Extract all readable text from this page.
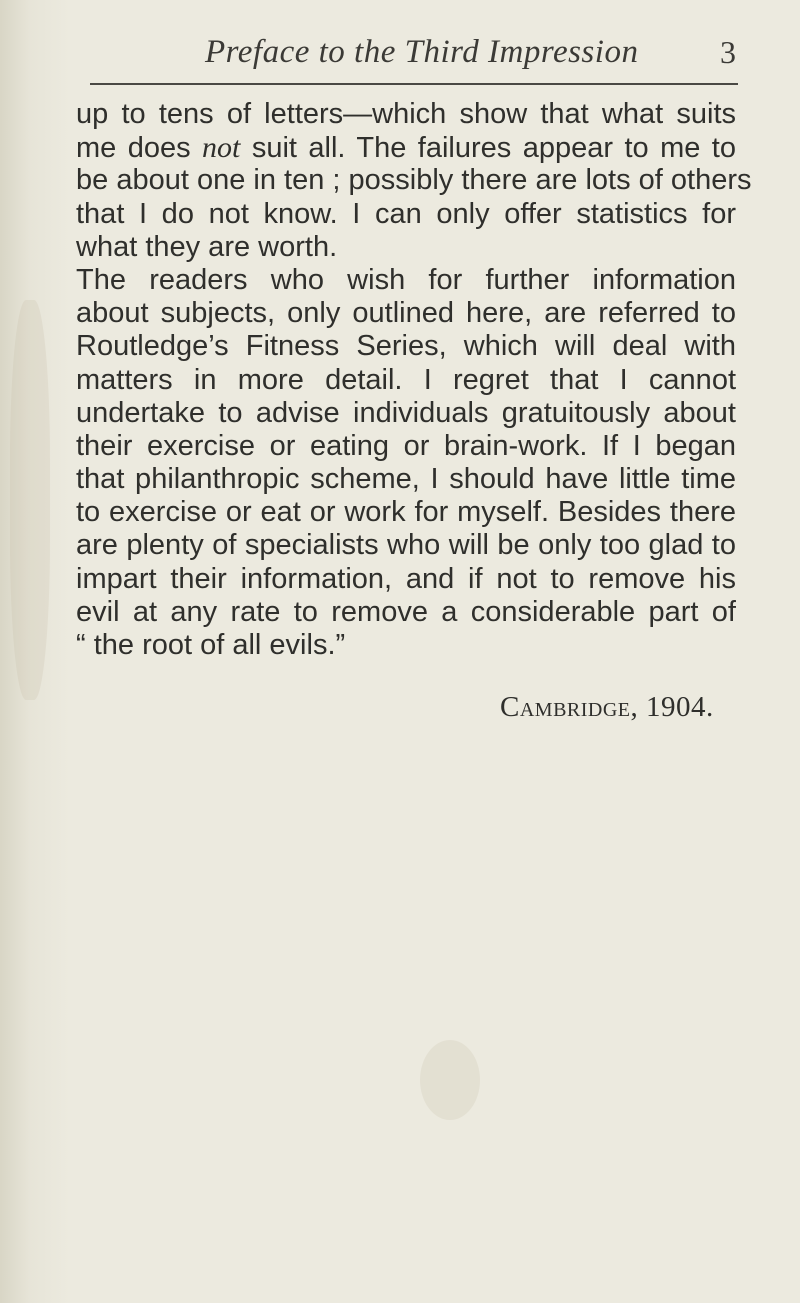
Preface to the Third Impression	3
up to tens of letters—which show that what suits
me does not suit all. The failures appear to me to
be about one in ten ; possibly there are lots of others
that I do not know. I can only offer statistics for
what they are worth.
The readers who wish for further information
about subjects, only outlined here, are referred to
Routledge’s Fitness Series, which will deal with
matters in more detail. I regret that I cannot
undertake to advise individuals gratuitously about
their exercise or eating or brain-work. If I began
that philanthropic scheme, I should have little time
to exercise or eat or work for myself. Besides there
are plenty of specialists who will be only too glad to
impart their information, and if not to remove his
evil at any rate to remove a considerable part of
“ the root of all evils.”
Cambridge, 1904.
